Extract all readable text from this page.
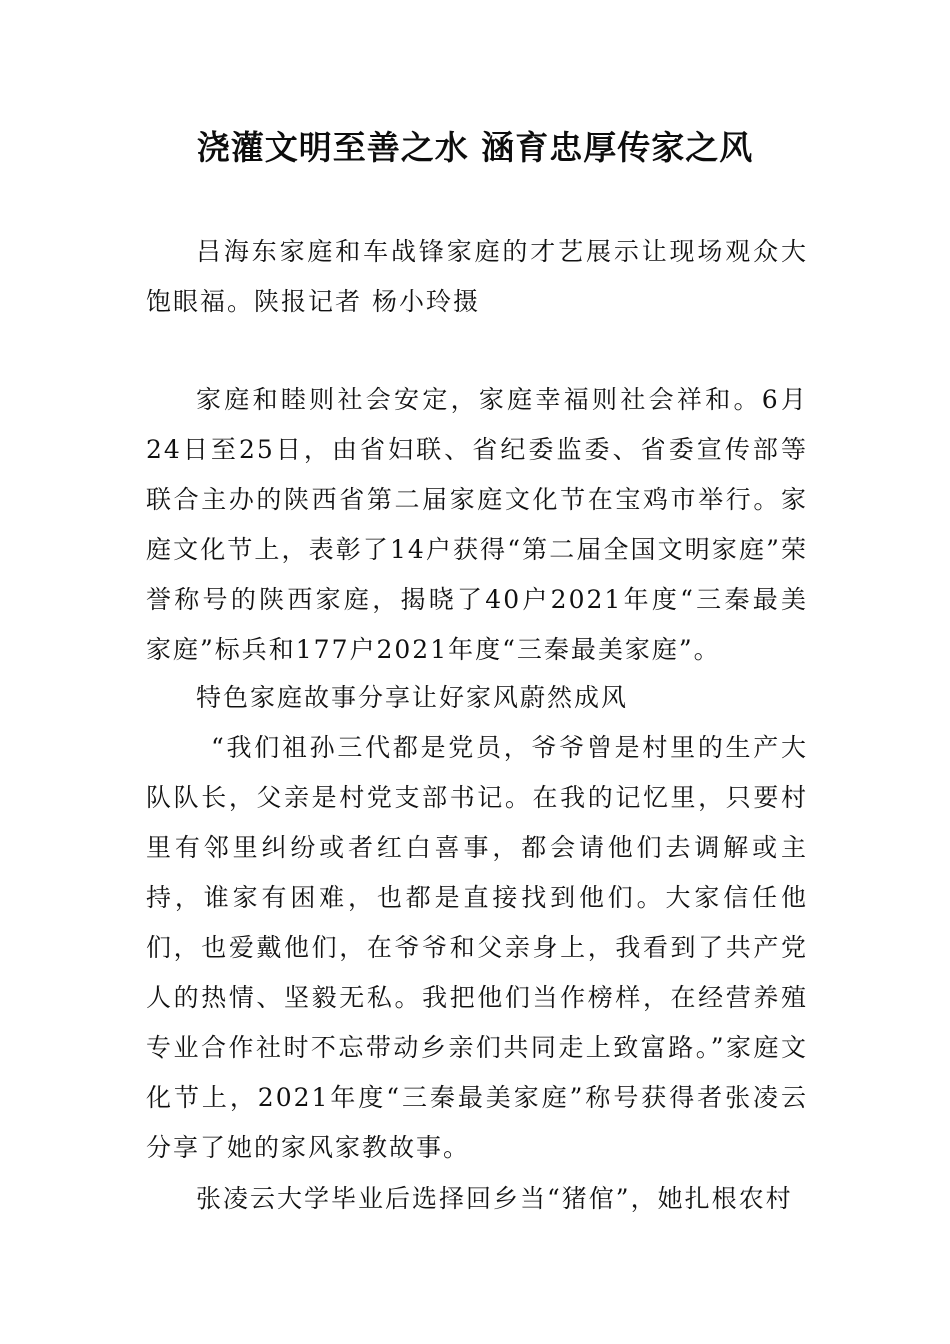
浇灌文明至善之水 涵育忠厚传家之风

吕海东家庭和车战锋家庭的才艺展示让现场观众大饱眼福。陕报记者 杨小玲摄

家庭和睦则社会安定，家庭幸福则社会祥和。6月24日至25日，由省妇联、省纪委监委、省委宣传部等联合主办的陕西省第二届家庭文化节在宝鸡市举行。家庭文化节上，表彰了14户获得“第二届全国文明家庭”荣誉称号的陕西家庭，揭晓了40户2021年度“三秦最美家庭”标兵和177户2021年度“三秦最美家庭”。

特色家庭故事分享让好家风蔚然成风

“我们祖孙三代都是党员，爷爷曾是村里的生产大队队长，父亲是村党支部书记。在我的记忆里，只要村里有邻里纠纷或者红白喜事，都会请他们去调解或主持，谁家有困难，也都是直接找到他们。大家信任他们，也爱戴他们，在爷爷和父亲身上，我看到了共产党人的热情、坚毅无私。我把他们当作榜样，在经营养殖专业合作社时不忘带动乡亲们共同走上致富路。”家庭文化节上，2021年度“三秦最美家庭”称号获得者张凌云分享了她的家风家教故事。

张凌云大学毕业后选择回乡当“猪倌”，她扎根农村
